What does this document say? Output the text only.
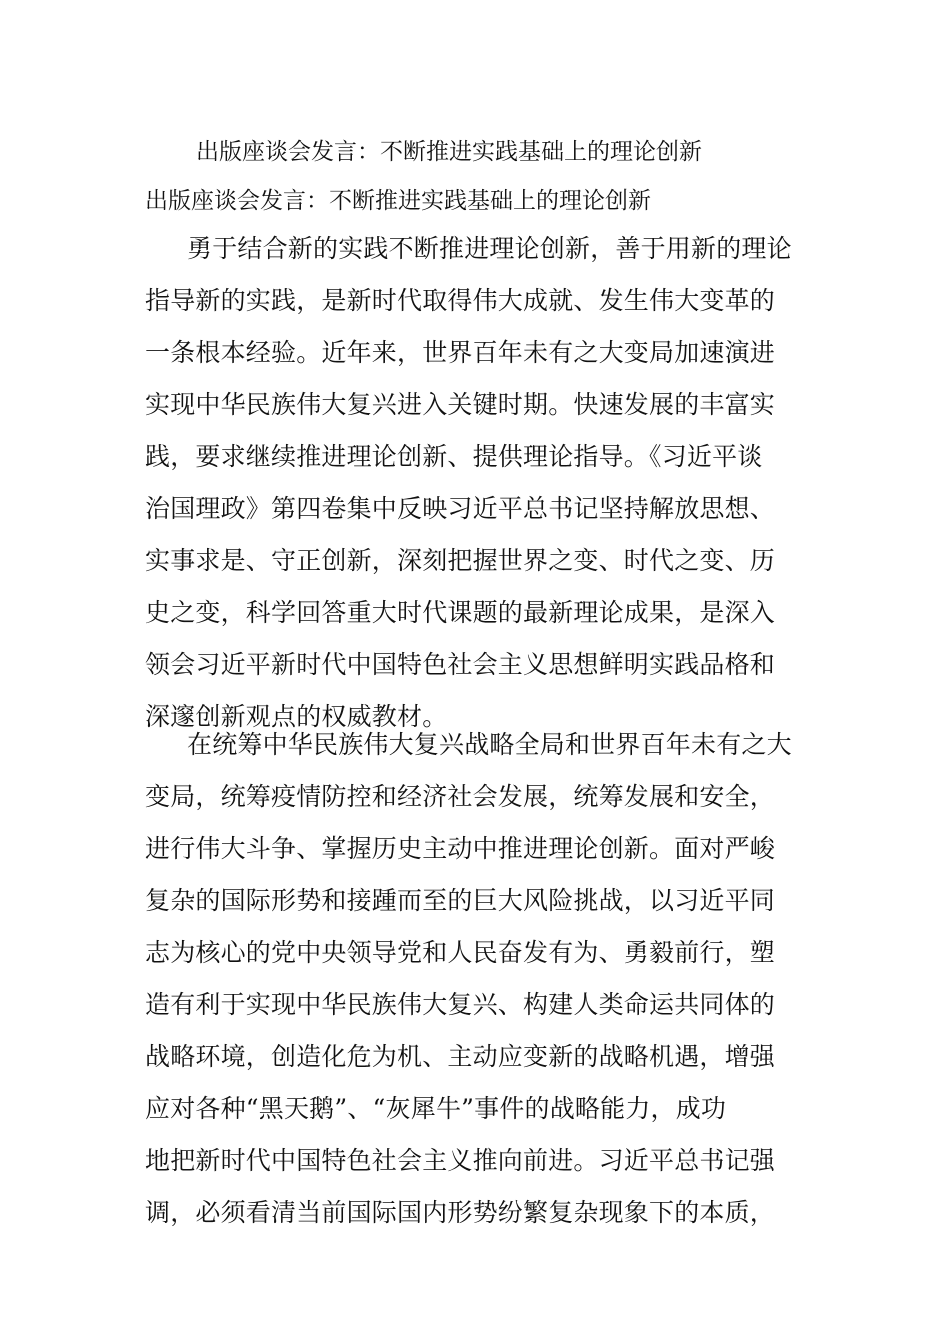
出版座谈会发言：不断推进实践基础上的理论创新
出版座谈会发言：不断推进实践基础上的理论创新
勇于结合新的实践不断推进理论创新，善于用新的理论
指导新的实践，是新时代取得伟大成就、发生伟大变革的
一条根本经验。近年来，世界百年未有之大变局加速演进
实现中华民族伟大复兴进入关键时期。快速发展的丰富实
践，要求继续推进理论创新、提供理论指导。《习近平谈
治国理政》第四卷集中反映习近平总书记坚持解放思想、
实事求是、守正创新，深刻把握世界之变、时代之变、历
史之变，科学回答重大时代课题的最新理论成果，是深入
领会习近平新时代中国特色社会主义思想鲜明实践品格和
深邃创新观点的权威教材。
在统筹中华民族伟大复兴战略全局和世界百年未有之大
变局，统筹疫情防控和经济社会发展，统筹发展和安全，
进行伟大斗争、掌握历史主动中推进理论创新。面对严峻
复杂的国际形势和接踵而至的巨大风险挑战，以习近平同
志为核心的党中央领导党和人民奋发有为、勇毅前行，塑
造有利于实现中华民族伟大复兴、构建人类命运共同体的
战略环境，创造化危为机、主动应变新的战略机遇，增强
应对各种“黑天鹅”、“灰犀牛”事件的战略能力，成功
地把新时代中国特色社会主义推向前进。习近平总书记强
调，必须看清当前国际国内形势纷繁复杂现象下的本质，
